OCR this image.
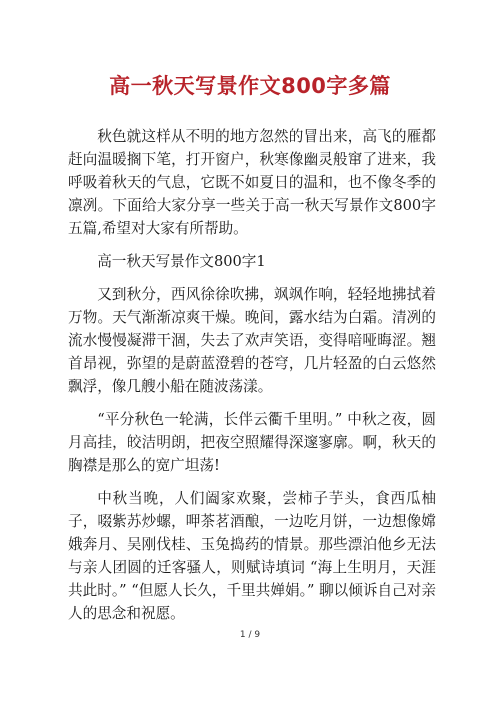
高一秋天写景作文800字多篇

秋色就这样从不明的地方忽然的冒出来，高飞的雁都赶向温暖搁下笔，打开窗户，秋寒像幽灵般窜了进来，我呼吸着秋天的气息，它既不如夏日的温和，也不像冬季的凛冽。下面给大家分享一些关于高一秋天写景作文800字五篇,希望对大家有所帮助。

高一秋天写景作文800字1

又到秋分，西风徐徐吹拂，飒飒作响，轻轻地拂拭着万物。天气渐渐凉爽干燥。晚间，露水结为白霜。清冽的流水慢慢凝滞干涸，失去了欢声笑语，变得喑哑晦涩。翘首昂视，弥望的是蔚蓝澄碧的苍穹，几片轻盈的白云悠然飘浮，像几艘小船在随波荡漾。

“平分秋色一轮满，长伴云衢千里明。” 中秋之夜，圆月高挂，皎洁明朗，把夜空照耀得深邃寥廓。啊，秋天的胸襟是那么的宽广坦荡!

中秋当晚，人们阖家欢聚，尝柿子芋头，食西瓜柚子，啜紫苏炒螺，呷茶茗酒酿，一边吃月饼，一边想像嫦娥奔月、吴刚伐桂、玉兔捣药的情景。那些漂泊他乡无法与亲人团圆的迁客骚人，则赋诗填词 “海上生明月，天涯共此时。” “但愿人长久，千里共婵娟。” 聊以倾诉自己对亲人的思念和祝愿。

1 / 9
